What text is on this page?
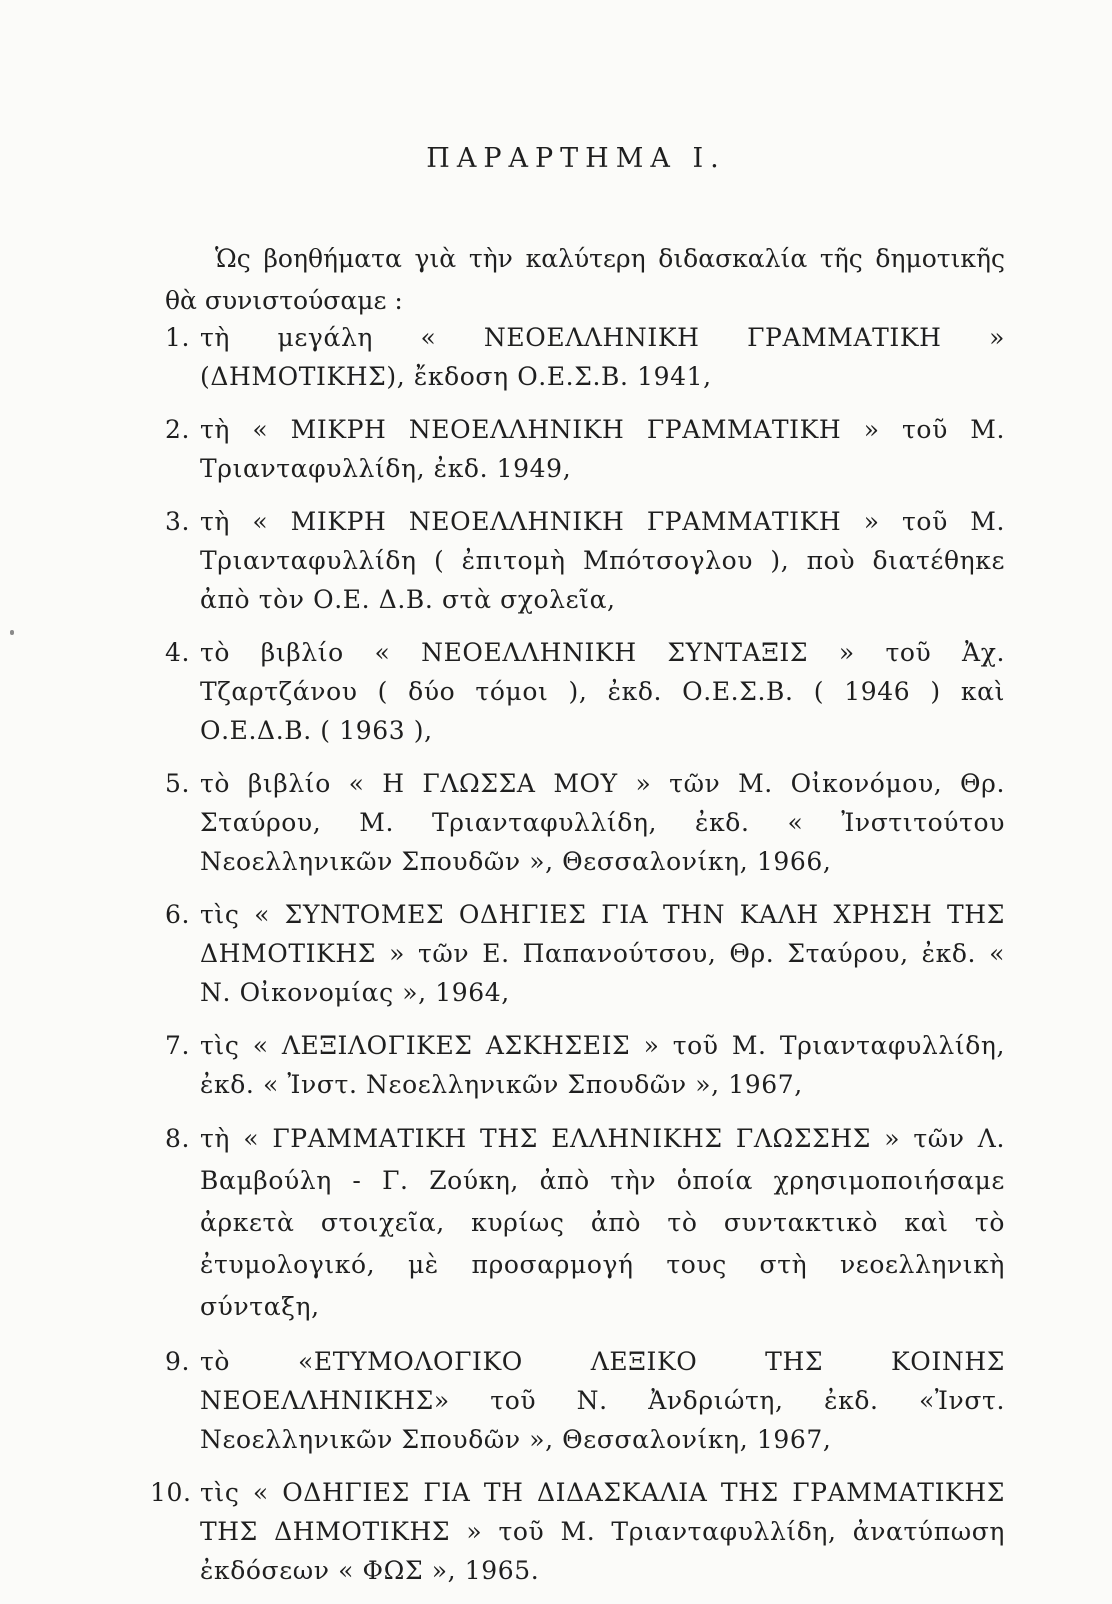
ΠΑΡΑΡΤΗΜΑ Ι.

Ὡς βοηθήματα γιὰ τὴν καλύτερη διδασκαλία τῆς δημοτικῆς θὰ συνιστούσαμε :

1. τὴ μεγάλη « ΝΕΟΕΛΛΗΝΙΚΗ ΓΡΑΜΜΑΤΙΚΗ » (ΔΗΜΟΤΙΚΗΣ), ἔκδοση Ο.Ε.Σ.Β. 1941,
2. τὴ « ΜΙΚΡΗ ΝΕΟΕΛΛΗΝΙΚΗ ΓΡΑΜΜΑΤΙΚΗ » τοῦ Μ. Τριανταφυλλίδη, ἐκδ. 1949,
3. τὴ « ΜΙΚΡΗ ΝΕΟΕΛΛΗΝΙΚΗ ΓΡΑΜΜΑΤΙΚΗ » τοῦ Μ. Τριανταφυλλίδη ( ἐπιτομὴ Μπότσογλου ), ποὺ διατέθηκε ἀπὸ τὸν Ο.Ε. Δ.Β. στὰ σχολεῖα,
4. τὸ βιβλίο « ΝΕΟΕΛΛΗΝΙΚΗ ΣΥΝΤΑΞΙΣ » τοῦ Ἀχ. Τζαρτζάνου ( δύο τόμοι ), ἐκδ. Ο.Ε.Σ.Β. ( 1946 ) καὶ Ο.Ε.Δ.Β. ( 1963 ),
5. τὸ βιβλίο « Η ΓΛΩΣΣΑ ΜΟΥ » τῶν Μ. Οἰκονόμου, Θρ. Σταύρου, Μ. Τριανταφυλλίδη, ἐκδ. « Ἰνστιτούτου Νεοελληνικῶν Σπουδῶν », Θεσσαλονίκη, 1966,
6. τὶς « ΣΥΝΤΟΜΕΣ ΟΔΗΓΙΕΣ ΓΙΑ ΤΗΝ ΚΑΛΗ ΧΡΗΣΗ ΤΗΣ ΔΗΜΟΤΙΚΗΣ » τῶν Ε. Παπανούτσου, Θρ. Σταύρου, ἐκδ. « Ν. Οἰκονομίας », 1964,
7. τὶς « ΛΕΞΙΛΟΓΙΚΕΣ ΑΣΚΗΣΕΙΣ » τοῦ Μ. Τριανταφυλλίδη, ἐκδ. « Ἰνστ. Νεοελληνικῶν Σπουδῶν », 1967,
8. τὴ « ΓΡΑΜΜΑΤΙΚΗ ΤΗΣ ΕΛΛΗΝΙΚΗΣ ΓΛΩΣΣΗΣ » τῶν Λ. Βαμβούλη - Γ. Ζούκη, ἀπὸ τὴν ὁποία χρησιμοποιήσαμε ἀρκετὰ στοιχεῖα, κυρίως ἀπὸ τὸ συντακτικὸ καὶ τὸ ἐτυμολογικό, μὲ προσαρμογή τους στὴ νεοελληνικὴ σύνταξη,
9. τὸ «ΕΤΥΜΟΛΟΓΙΚΟ ΛΕΞΙΚΟ ΤΗΣ ΚΟΙΝΗΣ ΝΕΟΕΛΛΗΝΙΚΗΣ» τοῦ Ν. Ἀνδριώτη, ἐκδ. «Ἰνστ. Νεοελληνικῶν Σπουδῶν », Θεσσαλονίκη, 1967,
10. τὶς « ΟΔΗΓΙΕΣ ΓΙΑ ΤΗ ΔΙΔΑΣΚΑΛΙΑ ΤΗΣ ΓΡΑΜΜΑΤΙΚΗΣ ΤΗΣ ΔΗΜΟΤΙΚΗΣ » τοῦ Μ. Τριανταφυλλίδη, ἀνατύπωση ἐκδόσεων « ΦΩΣ », 1965.
